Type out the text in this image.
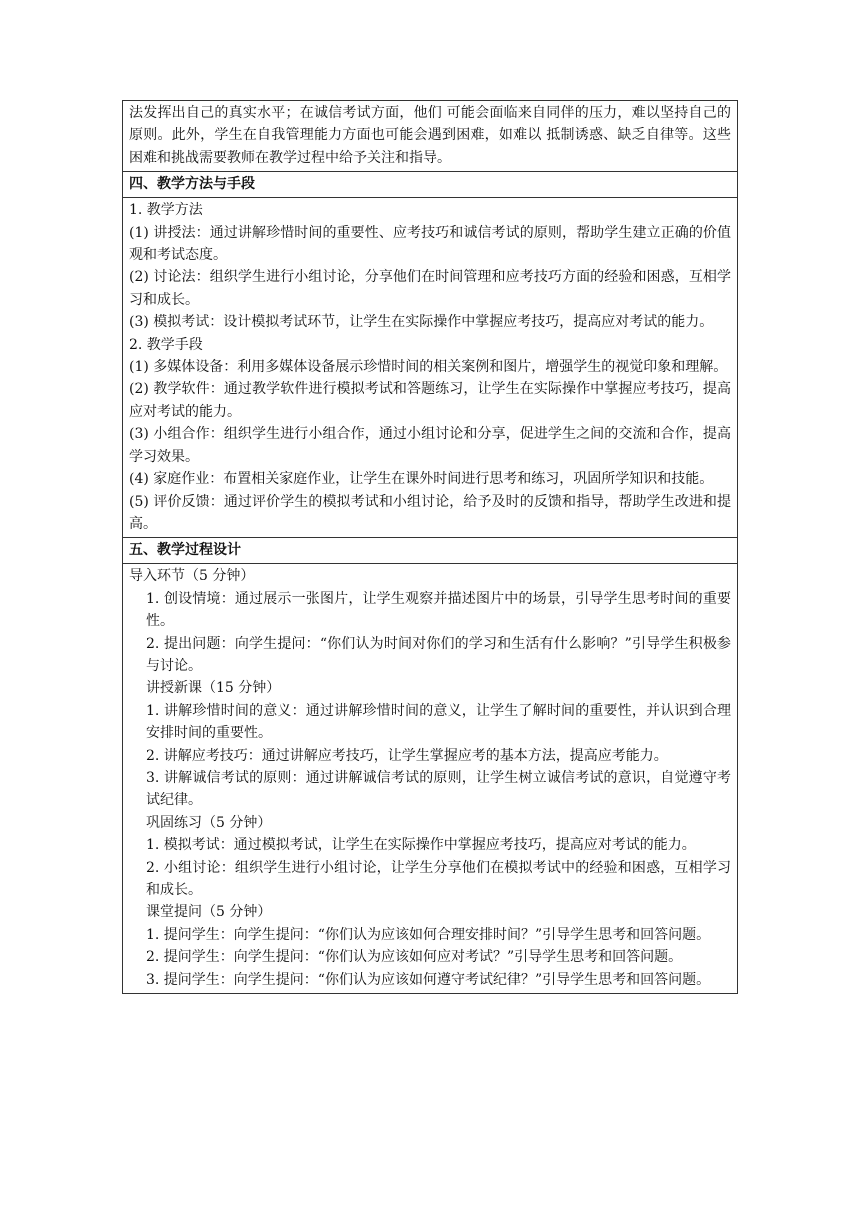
法发挥出自己的真实水平；在诚信考试方面，他们 可能会面临来自同伴的压力，难以坚持自己的原则。此外，学生在自我管理能力方面也可能会遇到困难，如难以 抵制诱惑、缺乏自律等。这些困难和挑战需要教师在教学过程中给予关注和指导。
四、教学方法与手段
1. 教学方法
(1) 讲授法：通过讲解珍惜时间的重要性、应考技巧和诚信考试的原则，帮助学生建立正确的价值观和考试态度。
(2) 讨论法：组织学生进行小组讨论，分享他们在时间管理和应考技巧方面的经验和困惑，互相学习和成长。
(3) 模拟考试：设计模拟考试环节，让学生在实际操作中掌握应考技巧，提高应对考试的能力。
2. 教学手段
(1) 多媒体设备：利用多媒体设备展示珍惜时间的相关案例和图片，增强学生的视觉印象和理解。
(2) 教学软件：通过教学软件进行模拟考试和答题练习，让学生在实际操作中掌握应考技巧，提高应对考试的能力。
(3) 小组合作：组织学生进行小组合作，通过小组讨论和分享，促进学生之间的交流和合作，提高学习效果。
(4) 家庭作业：布置相关家庭作业，让学生在课外时间进行思考和练习，巩固所学知识和技能。
(5) 评价反馈：通过评价学生的模拟考试和小组讨论，给予及时的反馈和指导，帮助学生改进和提高。
五、教学过程设计
导入环节（5 分钟）
1. 创设情境：通过展示一张图片，让学生观察并描述图片中的场景，引导学生思考时间的重要性。
2. 提出问题：向学生提问：“你们认为时间对你们的学习和生活有什么影响？”引导学生积极参与讨论。
讲授新课（15 分钟）
1. 讲解珍惜时间的意义：通过讲解珍惜时间的意义，让学生了解时间的重要性，并认识到合理安排时间的重要性。
2. 讲解应考技巧：通过讲解应考技巧，让学生掌握应考的基本方法，提高应考能力。
3. 讲解诚信考试的原则：通过讲解诚信考试的原则，让学生树立诚信考试的意识，自觉遵守考试纪律。
巩固练习（5 分钟）
1. 模拟考试：通过模拟考试，让学生在实际操作中掌握应考技巧，提高应对考试的能力。
2. 小组讨论：组织学生进行小组讨论，让学生分享他们在模拟考试中的经验和困惑，互相学习和成长。
课堂提问（5 分钟）
1. 提问学生：向学生提问：“你们认为应该如何合理安排时间？”引导学生思考和回答问题。
2. 提问学生：向学生提问：“你们认为应该如何应对考试？”引导学生思考和回答问题。
3. 提问学生：向学生提问：“你们认为应该如何遵守考试纪律？”引导学生思考和回答问题。
